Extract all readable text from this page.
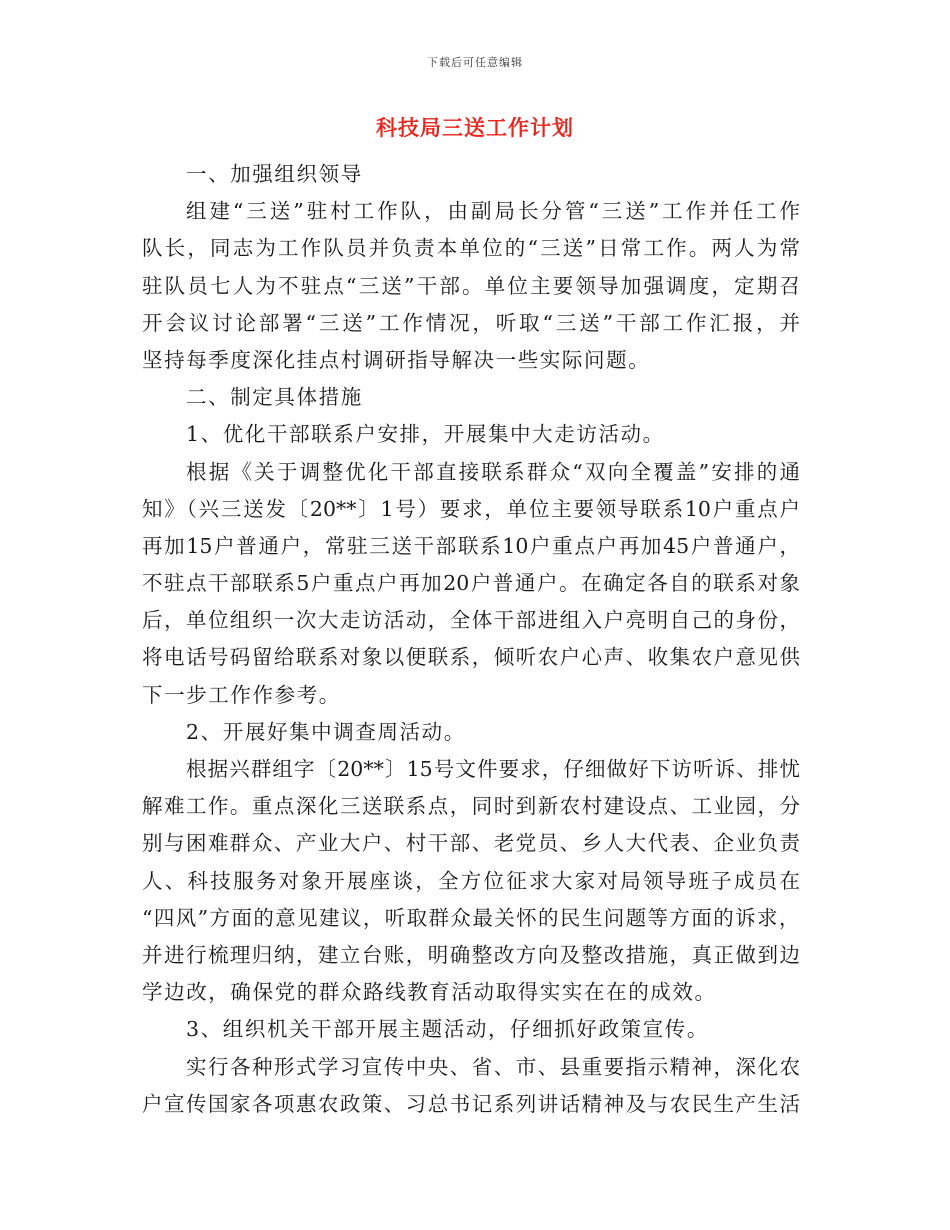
下载后可任意编辑
科技局三送工作计划
一、加强组织领导
组建“三送”驻村工作队，由副局长分管“三送”工作并任工作
队长，同志为工作队员并负责本单位的“三送”日常工作。两人为常
驻队员七人为不驻点“三送”干部。单位主要领导加强调度，定期召
开会议讨论部署“三送”工作情况，听取“三送”干部工作汇报，并
坚持每季度深化挂点村调研指导解决一些实际问题。
二、制定具体措施
1、优化干部联系户安排，开展集中大走访活动。
根据《关于调整优化干部直接联系群众“双向全覆盖”安排的通
知》（兴三送发〔20**〕1号）要求，单位主要领导联系10户重点户
再加15户普通户，常驻三送干部联系10户重点户再加45户普通户，
不驻点干部联系5户重点户再加20户普通户。在确定各自的联系对象
后，单位组织一次大走访活动，全体干部进组入户亮明自己的身份，
将电话号码留给联系对象以便联系，倾听农户心声、收集农户意见供
下一步工作作参考。
2、开展好集中调查周活动。
根据兴群组字〔20**〕15号文件要求，仔细做好下访听诉、排忧
解难工作。重点深化三送联系点，同时到新农村建设点、工业园，分
别与困难群众、产业大户、村干部、老党员、乡人大代表、企业负责
人、科技服务对象开展座谈，全方位征求大家对局领导班子成员在
“四风”方面的意见建议，听取群众最关怀的民生问题等方面的诉求，
并进行梳理归纳，建立台账，明确整改方向及整改措施，真正做到边
学边改，确保党的群众路线教育活动取得实实在在的成效。
3、组织机关干部开展主题活动，仔细抓好政策宣传。
实行各种形式学习宣传中央、省、市、县重要指示精神，深化农
户宣传国家各项惠农政策、习总书记系列讲话精神及与农民生产生活
